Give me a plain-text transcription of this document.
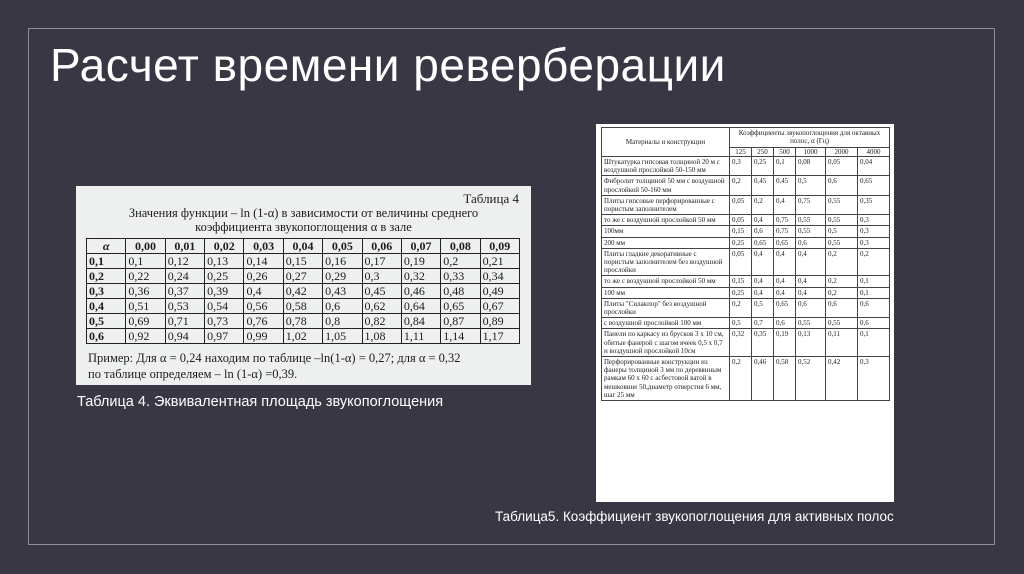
Расчет времени реверберации
Таблица 4
Значения функции – ln (1-α) в зависимости от величины среднего
коэффициента звукопоглощения α в зале
$\overline{\alpha}$	0,00	0,01	0,02	0,03	0,04	0,05	0,06	0,07	0,08	0,09
0,1	0,1	0,12	0,13	0,14	0,15	0,16	0,17	0,19	0,2	0,21
0,2	0,22	0,24	0,25	0,26	0,27	0,29	0,3	0,32	0,33	0,34
0,3	0,36	0,37	0,39	0,4	0,42	0,43	0,45	0,46	0,48	0,49
0,4	0,51	0,53	0,54	0,56	0,58	0,6	0,62	0,64	0,65	0,67
0,5	0,69	0,71	0,73	0,76	0,78	0,8	0,82	0,84	0,87	0,89
0,6	0,92	0,94	0,97	0,99	1,02	1,05	1,08	1,11	1,14	1,17
Пример: Для α = 0,24 находим по таблице –ln(1-α) = 0,27; для α = 0,32
по таблице определяем – ln (1-α) =0,39.
Таблица 4. Эквивалентная площадь звукопоглощения
Материалы и конструкции	Коэффициенты звукопоглощения для октавных полос, α (Гц)					
	125	250	500	1000	2000	4000
Штукатурка гипсовая толщиной 20 м с воздушной прослойкой 50-150 мм	0,3	0,25	0,1	0,08	0,05	0,04
Фибролит толщиной 50 мм с воздушной прослойкой 50-160 мм	0,2	0,45	0,45	0,5	0,6	0,65
Плиты гипсовые перфорированные с пористым заполнителем	0,05	0,2	0,4	0,75	0,55	0,35
то же с воздушной прослойкой 50 мм	0,05	0,4	0,75	0,55	0,55	0,3
100мм	0,15	0,6	0,75	0,55	0,5	0,3
200 мм	0,25	0,65	0,65	0,6	0,55	0,3
Плиты гладкие декоративные с пористым заполнителем без воздушной прослойки	0,05	0,4	0,4	0,4	0,2	0,2
то же с воздушной прослойкой 50 мм	0,15	0,4	0,4	0,4	0,2	0,1
100 мм	0,25	0,4	0,4	0,4	0,2	0,1
Плиты "Силакпор" без воздушной прослойки	0,2	0,5	0,65	0,6	0,6	0,6
с воздушной прослойкой 100 мм	0,5	0,7	0,6	0,55	0,55	0,6
Панели по каркасу из брусков 3 х 10 см, обитые фанерой с шагом ячеек 0,5 х 0,7 и воздушной прослойкой 10см	0,32	0,35	0,19	0,13	0,11	0,1
Перфорированные конструкции из фанеры толщиной 3 мм по деревянным рамкам 60 х 60 с асбестовой ватой в мешковине 50,диаметр отверстия 6 мм, шаг 25 мм	0,2	0,46	0,58	0,52	0,42	0,3
Таблица5. Коэффициент звукопоглощения для активных полос
